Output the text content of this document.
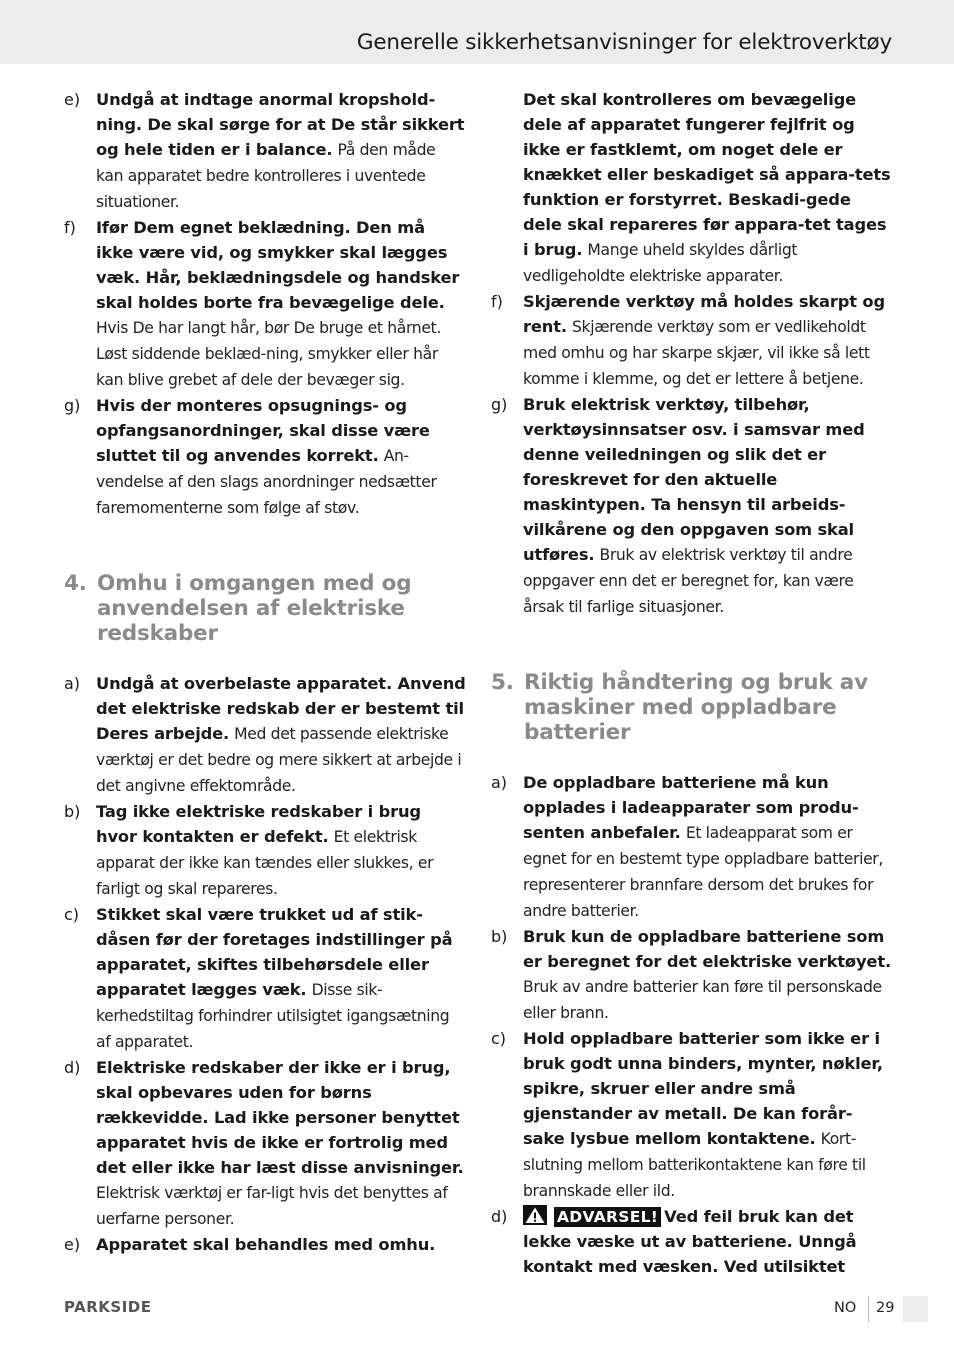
Generelle sikkerhetsanvisninger for elektroverktøy
e) Undgå at indtage anormal kropshold-ning. De skal sørge for at De står sikkert og hele tiden er i balance. På den måde kan apparatet bedre kontrolleres i uventede situationer.
f)	Ifør Dem egnet beklædning. Den må ikke være vid, og smykker skal lægges væk. Hår, beklædningsdele og handsker skal holdes borte fra bevægelige dele. Hvis De har langt hår, bør De bruge et hårnet. Løst siddende beklæd-ning, smykker eller hår kan blive grebet af dele der bevæger sig.
g) Hvis der monteres opsugnings- og opfangsanordninger, skal disse være sluttet til og anvendes korrekt. An-vendelse af den slags anordninger nedsætter faremomenterne som følge af støv.
4. Omhu i omgangen med og anvendelsen af elektriske redskaber
a) Undgå at overbelaste apparatet. Anvend det elektriske redskab der er bestemt til Deres arbejde. Med det passende elektriske værktøj er det bedre og mere sikkert at arbejde i det angivne effektområde.
b) Tag ikke elektriske redskaber i brug hvor kontakten er defekt. Et elektrisk apparat der ikke kan tændes eller slukkes, er farligt og skal repareres.
c)	Stikket skal være trukket ud af stik-dåsen før der foretages indstillinger på apparatet, skiftes tilbehørsdele eller apparatet lægges væk. Disse sik-kerhedstiltag forhindrer utilsigtet igangsætning af apparatet.
d) Elektriske redskaber der ikke er i brug, skal opbevares uden for børns rækkevidde. Lad ikke personer benyttet apparatet hvis de ikke er fortrolig med det eller ikke har læst disse anvisninger. Elektrisk værktøj er far-ligt hvis det benyttes af uerfarne personer.
e) Apparatet skal behandles med omhu.
Det skal kontrolleres om bevægelige dele af apparatet fungerer fejlfrit og ikke er fastklemt, om noget dele er knækket eller beskadiget så appara-tets funktion er forstyrret. Beskadi-gede dele skal repareres før appara-tet tages i brug. Mange uheld skyldes dårligt vedligeholdte elektriske apparater.
f)	Skjærende verktøy må holdes skarpt og rent. Skjærende verktøy som er vedlikeholdt med omhu og har skarpe skjær, vil ikke så lett komme i klemme, og det er lettere å betjene.
g) Bruk elektrisk verktøy, tilbehør, verktøysinnsatser osv. i samsvar med denne veiledningen og slik det er foreskrevet for den aktuelle maskintypen. Ta hensyn til arbeids-vilkårene og den oppgaven som skal utføres. Bruk av elektrisk verktøy til andre oppgaver enn det er beregnet for, kan være årsak til farlige situasjoner.
5. Riktig håndtering og bruk av maskiner med oppladbare batterier
a) De oppladbare batteriene må kun opplades i ladeapparater som produ-senten anbefaler. Et ladeapparat som er egnet for en bestemt type oppladbare batterier, representerer brannfare dersom det brukes for andre batterier.
b) Bruk kun de oppladbare batteriene som er beregnet for det elektriske verktøyet. Bruk av andre batterier kan føre til personskade eller brann.
c)	Hold oppladbare batterier som ikke er i bruk godt unna binders, mynter, nøkler, spikre, skruer eller andre små gjenstander av metall. De kan forår-sake lysbue mellom kontaktene. Kort-slutning mellom batterikontaktene kan føre til brannskade eller ild.
d)	ADVARSEL! Ved feil bruk kan det lekke væske ut av batteriene. Unngå kontakt med væsken. Ved utilsiktet
PARKSIDE	NO 29
